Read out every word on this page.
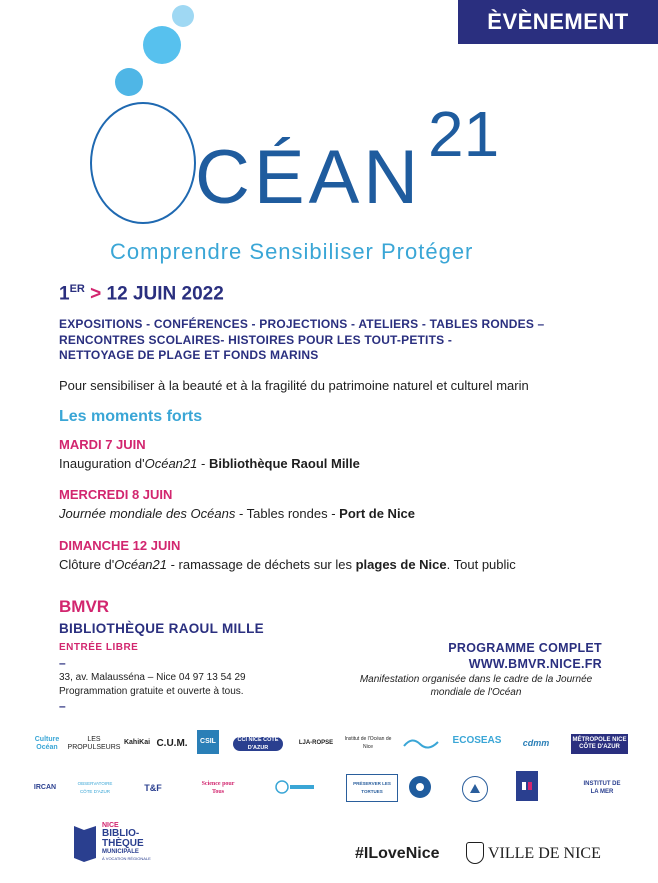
ÈVÈNEMENT
CÉAN
21
Comprendre Sensibiliser Protéger
1ER > 12 JUIN 2022
EXPOSITIONS - CONFÉRENCES - PROJECTIONS - ATELIERS - TABLES RONDES –
RENCONTRES SCOLAIRES- HISTOIRES POUR LES TOUT-PETITS -
NETTOYAGE DE PLAGE ET FONDS MARINS
Pour sensibiliser à la beauté et à la fragilité du patrimoine naturel et culturel marin
Les moments forts
MARDI 7 JUIN
Inauguration d'Océan21 - Bibliothèque Raoul Mille
MERCREDI 8 JUIN
Journée mondiale des Océans - Tables rondes - Port de Nice
DIMANCHE 12 JUIN
Clôture d'Océan21 - ramassage de déchets sur les plages de Nice. Tout public
BMVR
BIBLIOTHÈQUE RAOUL MILLE
ENTRÉE LIBRE
–
33, av. Malausséna – Nice 04 97 13 54 29
Programmation gratuite et ouverte à tous.
–
PROGRAMME COMPLET
WWW.BMVR.NICE.FR
Manifestation organisée dans le cadre de la Journée
mondiale de l'Océan
Culture Océan
LES PROPULSEURS
KahiKai C.U.M.	CSIL	CCI NICE CÔTE D'AZUR
LJA-ROPSE
Institut de l'Océan de Nice
ECOSEAS	cdmm	MÉTROPOLE NICE CÔTE D'AZUR
IRCAN
OBSERVATOIRE CÔTE D'AZUR	T&F	Science pour Tous
PRÉSERVER LES TORTUES
INSTITUT DE LA MER
NICE
BIBLIO-
THÈQUE
MUNICIPALE
À VOCATION RÉGIONALE	#ILoveNice	VILLE DE NICE
